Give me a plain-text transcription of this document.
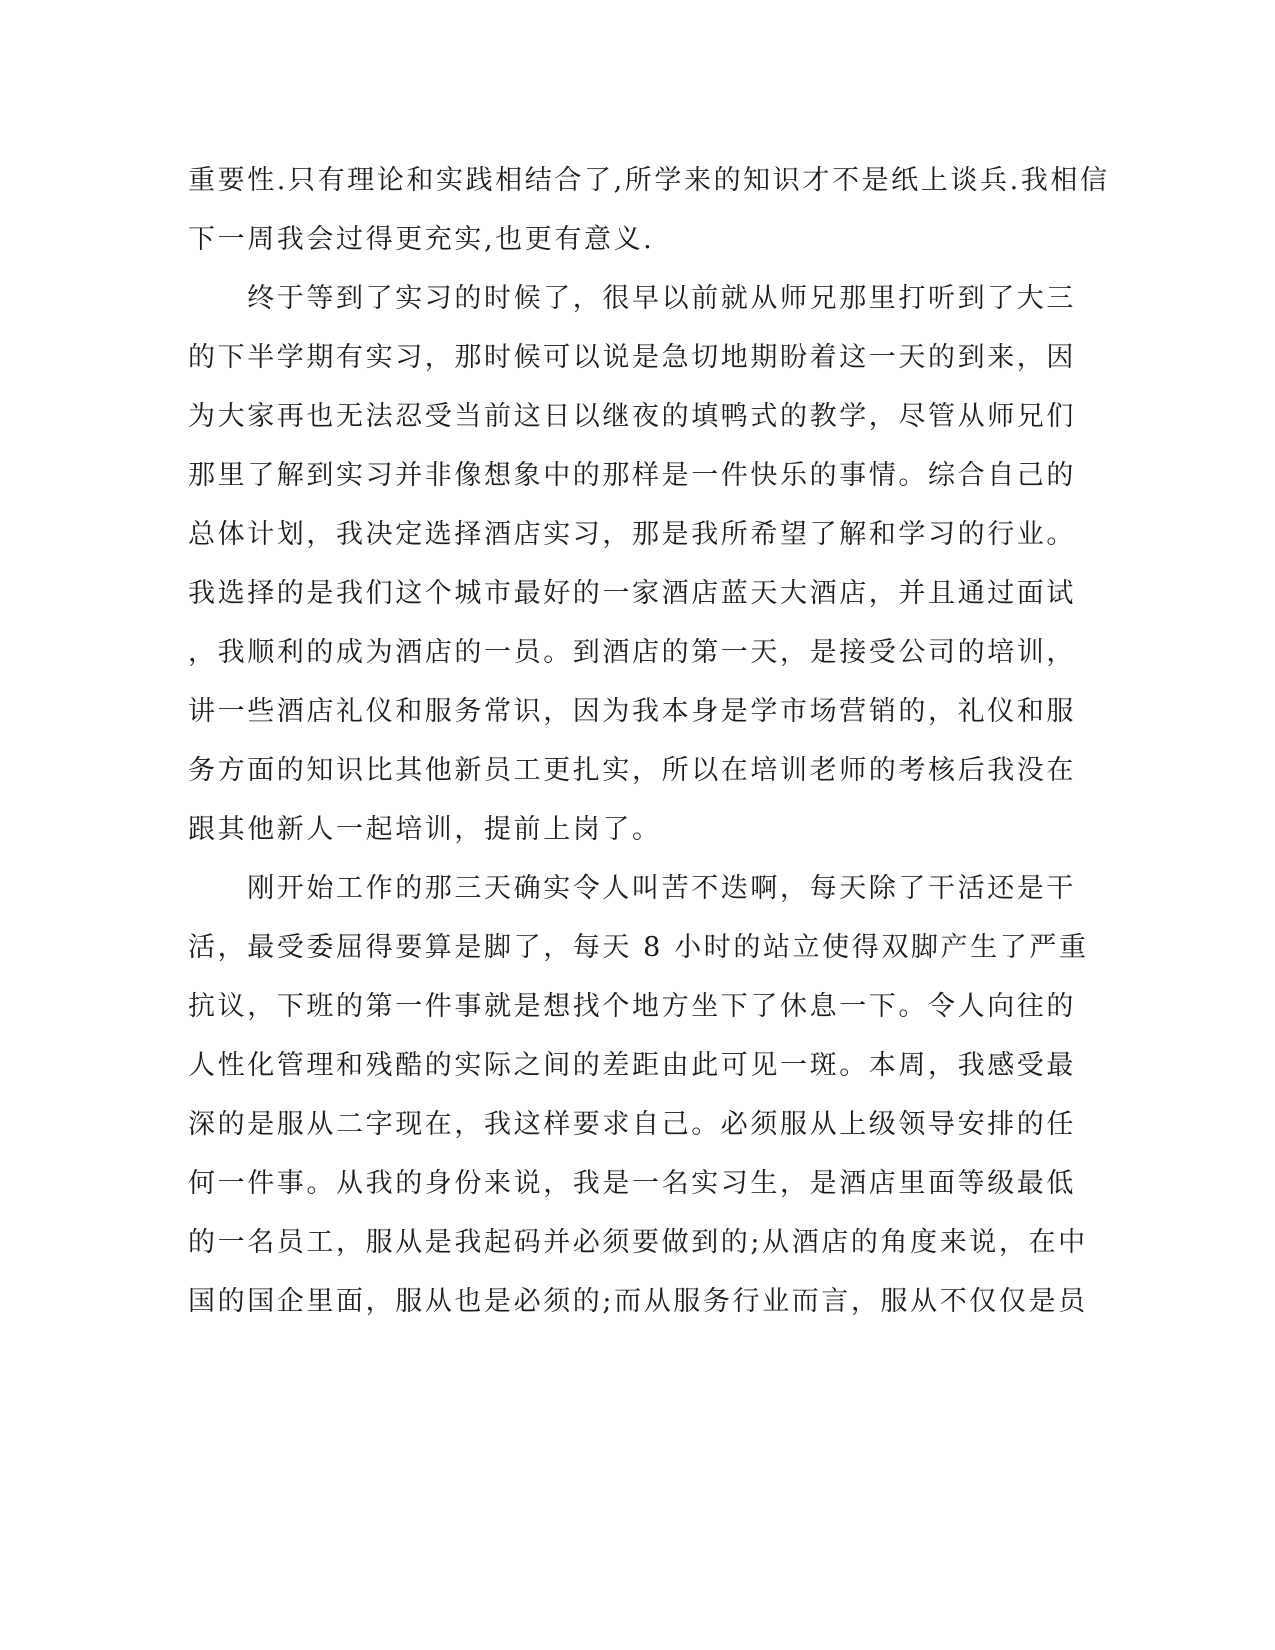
重要性.只有理论和实践相结合了,所学来的知识才不是纸上谈兵.我相信
下一周我会过得更充实,也更有意义.
　　终于等到了实习的时候了，很早以前就从师兄那里打听到了大三
的下半学期有实习，那时候可以说是急切地期盼着这一天的到来，因
为大家再也无法忍受当前这日以继夜的填鸭式的教学，尽管从师兄们
那里了解到实习并非像想象中的那样是一件快乐的事情。综合自己的
总体计划，我决定选择酒店实习，那是我所希望了解和学习的行业。
我选择的是我们这个城市最好的一家酒店蓝天大酒店，并且通过面试
，我顺利的成为酒店的一员。到酒店的第一天，是接受公司的培训，
讲一些酒店礼仪和服务常识，因为我本身是学市场营销的，礼仪和服
务方面的知识比其他新员工更扎实，所以在培训老师的考核后我没在
跟其他新人一起培训，提前上岗了。
　　刚开始工作的那三天确实令人叫苦不迭啊，每天除了干活还是干
活，最受委屈得要算是脚了，每天 8 小时的站立使得双脚产生了严重
抗议，下班的第一件事就是想找个地方坐下了休息一下。令人向往的
人性化管理和残酷的实际之间的差距由此可见一斑。本周，我感受最
深的是服从二字现在，我这样要求自己。必须服从上级领导安排的任
何一件事。从我的身份来说，我是一名实习生，是酒店里面等级最低
的一名员工，服从是我起码并必须要做到的;从酒店的角度来说，在中
国的国企里面，服从也是必须的;而从服务行业而言，服从不仅仅是员
